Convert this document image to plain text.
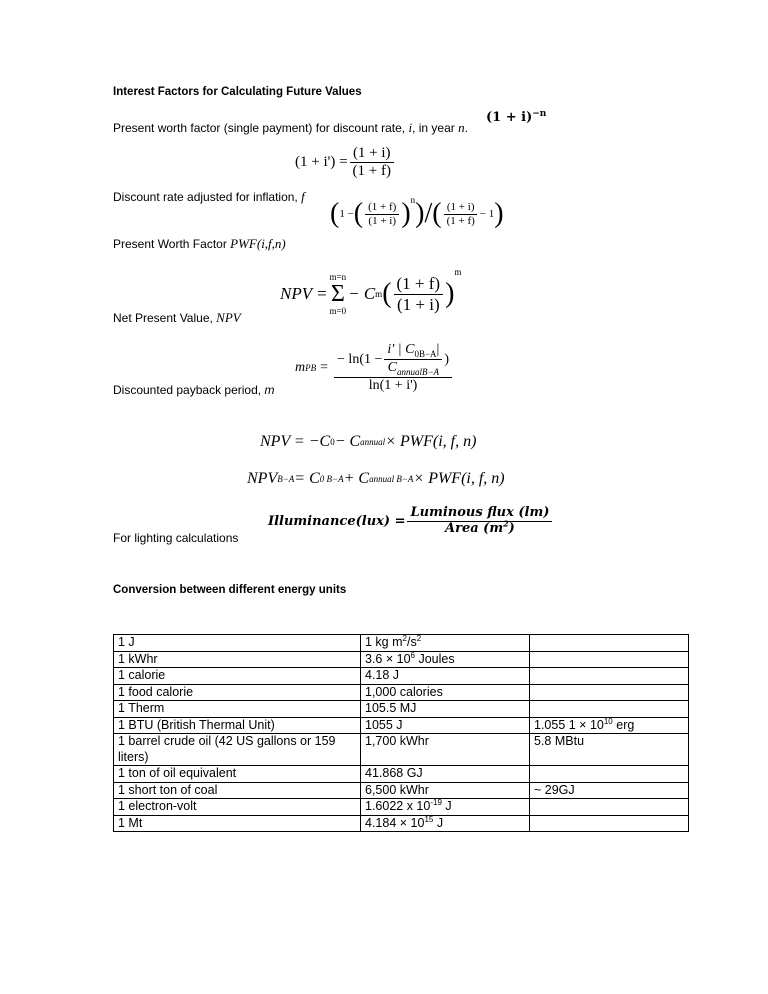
Interest Factors for Calculating Future Values
Present worth factor (single payment) for discount rate, i, in year n.
$(1 + i)^{-n}$
Discount rate adjusted for inflation, f
$(1 + i') = \frac{(1 + i)}{(1 + f)}$
Present Worth Factor PWF(i,f,n)
( 1 − ( $\frac{(1 + f)}{(1 + i)}$ ) n ) / ( $\frac{(1 + i)}{(1 + f)} - 1$ )
Net Present Value, NPV
NPV =
m=n
Σ
m=0
− C m ( $\frac{(1 + f)}{(1 + i)}$ )
m
Discounted payback period, m
m PB = $\frac{- \ln(1 - \frac{i' | C_{0B-A}|}{C_{annualB-A}} )}{\ln(1 + i')}$
NPV = −C 0 − C annual × PWF(i, f, n)
NPV B−A = C 0 B−A + C annual B−A × PWF(i, f, n)
For lighting calculations
Illuminance(lux) = $\frac{\text{Luminous flux (lm)}}{Area (m^2)}$
Conversion between different energy units
1 J	1 kg $m^2/s^2$	
1 kWhr	$3.6 \times 10^6$ Joules	
1 calorie	4.18 J	
1 food calorie	1,000 calories	
1 Therm	105.5 MJ	
1 BTU (British Thermal Unit)	1055 J	1.055 $1 \times 10^{10}$ erg
1 barrel crude oil (42 US gallons or 159 liters)	1,700 kWhr	5.8 MBtu
1 ton of oil equivalent	41.868 GJ	
1 short ton of coal	6,500 kWhr	~ 29GJ
1 electron-volt	1.6022 x $10^{-19}$ J	
1 Mt	$4.184 \times 10^{15}$ J	
